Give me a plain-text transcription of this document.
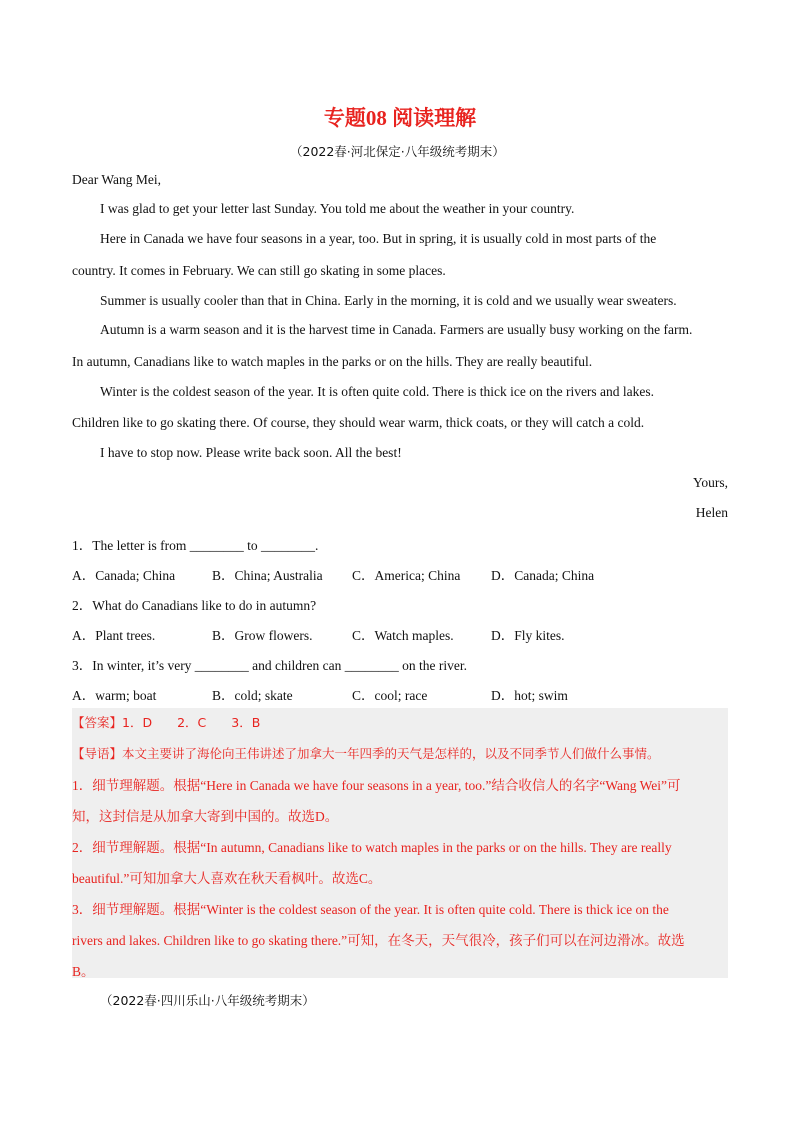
专题08 阅读理解
（2022春·河北保定·八年级统考期末）
Dear Wang Mei,
I was glad to get your letter last Sunday. You told me about the weather in your country.
Here in Canada we have four seasons in a year, too. But in spring, it is usually cold in most parts of the
country. It comes in February. We can still go skating in some places.
Summer is usually cooler than that in China. Early in the morning, it is cold and we usually wear sweaters.
Autumn is a warm season and it is the harvest time in Canada. Farmers are usually busy working on the farm.
In autumn, Canadians like to watch maples in the parks or on the hills. They are really beautiful.
Winter is the coldest season of the year. It is often quite cold. There is thick ice on the rivers and lakes.
Children like to go skating there. Of course, they should wear warm, thick coats, or they will catch a cold.
I have to stop now. Please write back soon. All the best!
Yours,
Helen
1．The letter is from ________ to ________.
A．Canada; China	B．China; Australia C．America; China D．Canada; China
2．What do Canadians like to do in autumn?
A．Plant trees.	B．Grow flowers.	C．Watch maples.	D．Fly kites.
3．In winter, it’s very ________ and children can ________ on the river.
A．warm; boat	B．cold; skate	C．cool; race	D．hot; swim
【答案】1．D　　2．C　　3．B
【导语】本文主要讲了海伦向王伟讲述了加拿大一年四季的天气是怎样的，以及不同季节人们做什么事情。
1．细节理解题。根据“Here in Canada we have four seasons in a year, too.”结合收信人的名字“Wang Wei”可
知，这封信是从加拿大寄到中国的。故选D。
2．细节理解题。根据“In autumn, Canadians like to watch maples in the parks or on the hills. They are really
beautiful.”可知加拿大人喜欢在秋天看枫叶。故选C。
3．细节理解题。根据“Winter is the coldest season of the year. It is often quite cold. There is thick ice on the
rivers and lakes. Children like to go skating there.”可知，在冬天，天气很冷，孩子们可以在河边滑冰。故选
B。
（2022春·四川乐山·八年级统考期末）
